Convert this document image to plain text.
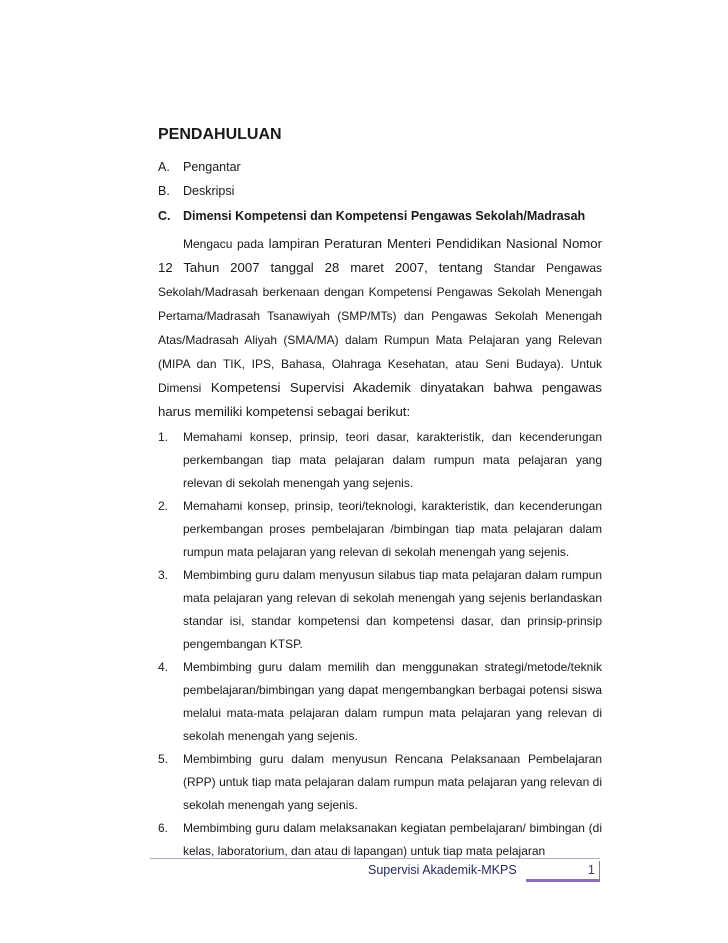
PENDAHULUAN
A. Pengantar
B. Deskripsi
C. Dimensi Kompetensi dan Kompetensi Pengawas Sekolah/Madrasah

Mengacu pada lampiran Peraturan Menteri Pendidikan Nasional Nomor 12 Tahun 2007 tanggal 28 maret 2007, tentang Standar Pengawas Sekolah/Madrasah berkenaan dengan Kompetensi Pengawas Sekolah Menengah Pertama/Madrasah Tsanawiyah (SMP/MTs) dan Pengawas Sekolah Menengah Atas/Madrasah Aliyah (SMA/MA) dalam Rumpun Mata Pelajaran yang Relevan (MIPA dan TIK, IPS, Bahasa, Olahraga Kesehatan, atau Seni Budaya). Untuk Dimensi Kompetensi Supervisi Akademik dinyatakan bahwa pengawas harus memiliki kompetensi sebagai berikut:

1. Memahami konsep, prinsip, teori dasar, karakteristik, dan kecenderungan perkembangan tiap mata pelajaran dalam rumpun mata pelajaran yang relevan di sekolah menengah yang sejenis.
2. Memahami konsep, prinsip, teori/teknologi, karakteristik, dan kecenderungan perkembangan proses pembelajaran /bimbingan tiap mata pelajaran dalam rumpun mata pelajaran yang relevan di sekolah menengah yang sejenis.
3. Membimbing guru dalam menyusun silabus tiap mata pelajaran dalam rumpun mata pelajaran yang relevan di sekolah menengah yang sejenis berlandaskan standar isi, standar kompetensi dan kompetensi dasar, dan prinsip-prinsip pengembangan KTSP.
4. Membimbing guru dalam memilih dan menggunakan strategi/metode/teknik pembelajaran/bimbingan yang dapat mengembangkan berbagai potensi siswa melalui mata-mata pelajaran dalam rumpun mata pelajaran yang relevan di sekolah menengah yang sejenis.
5. Membimbing guru dalam menyusun Rencana Pelaksanaan Pembelajaran (RPP) untuk tiap mata pelajaran dalam rumpun mata pelajaran yang relevan di sekolah menengah yang sejenis.
6. Membimbing guru dalam melaksanakan kegiatan pembelajaran/ bimbingan (di kelas, laboratorium, dan atau di lapangan) untuk tiap mata pelajaran
Supervisi Akademik-MKPS	1
